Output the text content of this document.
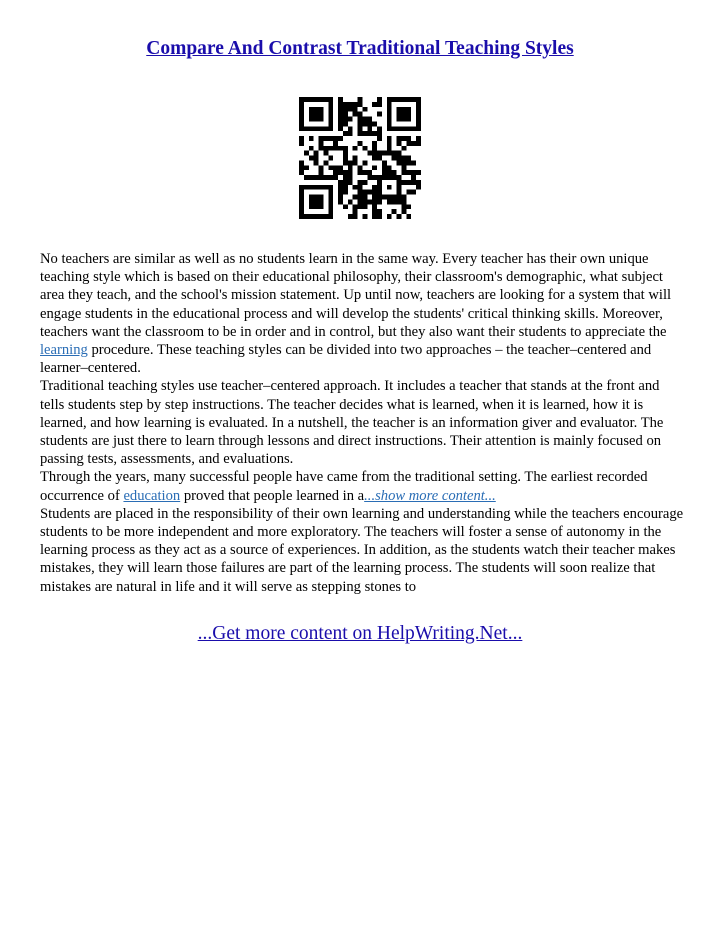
Compare And Contrast Traditional Teaching Styles

No teachers are similar as well as no students learn in the same way. Every teacher has their own unique teaching style which is based on their educational philosophy, their classroom's demographic, what subject area they teach, and the school's mission statement. Up until now, teachers are looking for a system that will engage students in the educational process and will develop the students' critical thinking skills. Moreover, teachers want the classroom to be in order and in control, but they also want their students to appreciate the learning procedure. These teaching styles can be divided into two approaches – the teacher–centered and learner–centered.

Traditional teaching styles use teacher–centered approach. It includes a teacher that stands at the front and tells students step by step instructions. The teacher decides what is learned, when it is learned, how it is learned, and how learning is evaluated. In a nutshell, the teacher is an information giver and evaluator. The students are just there to learn through lessons and direct instructions. Their attention is mainly focused on passing tests, assessments, and evaluations.

Through the years, many successful people have came from the traditional setting. The earliest recorded occurrence of education proved that people learned in a...show more content...

Students are placed in the responsibility of their own learning and understanding while the teachers encourage students to be more independent and more exploratory. The teachers will foster a sense of autonomy in the learning process as they act as a source of experiences. In addition, as the students watch their teacher makes mistakes, they will learn those failures are part of the learning process. The students will soon realize that mistakes are natural in life and it will serve as stepping stones to

...Get more content on HelpWriting.Net...
